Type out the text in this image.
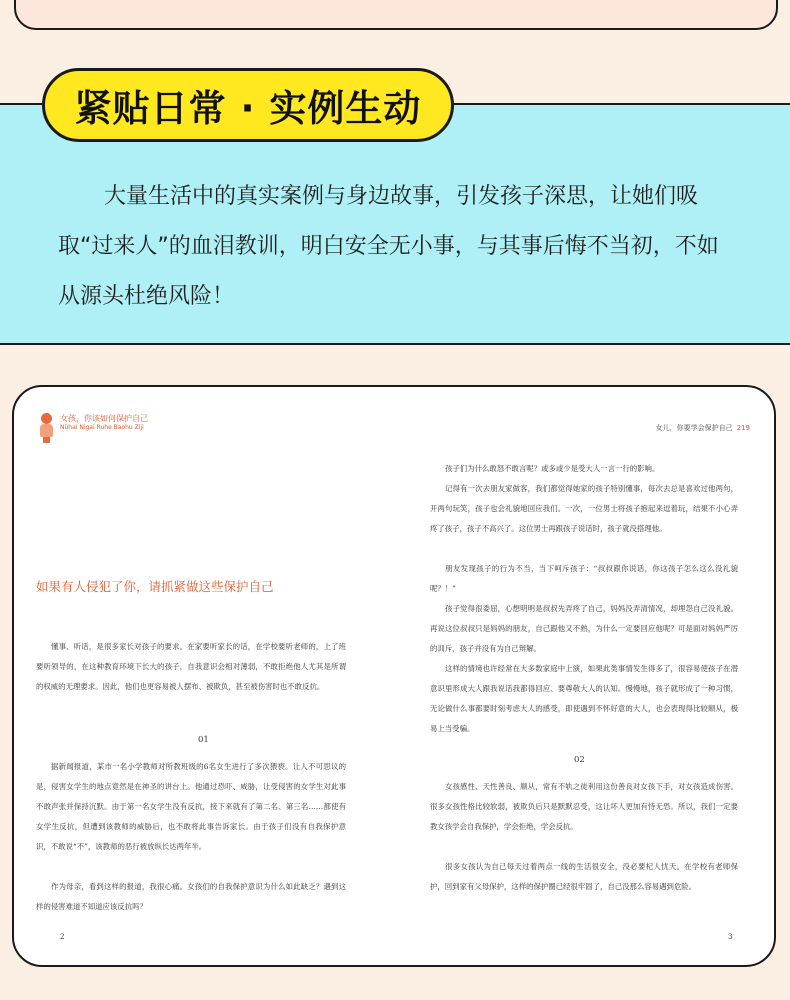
紧贴日常 · 实例生动
大量生活中的真实案例与身边故事，引发孩子深思，让她们吸取“过来人”的血泪教训，明白安全无小事，与其事后悔不当初，不如从源头杜绝风险！
女孩，你该如何保护自己
Nühai Nigai Ruhe Baohu Ziji
如果有人侵犯了你，请抓紧做这些保护自己
懂事、听话，是很多家长对孩子的要求。在家要听家长的话，在学校要听老师的，上了班要听领导的，在这种教育环境下长大的孩子，自我意识会相对薄弱，不敢拒绝他人尤其是所谓的权威的无理要求。因此，他们也更容易被人摆布、被欺负，甚至被伤害时也不敢反抗。
01
据新闻报道，某市一名小学教师对所教班级的6名女生进行了多次猥亵。让人不可思议的是，侵害女学生的地点竟然是在神圣的讲台上。他通过恐吓、威胁，让受侵害的女学生对此事不敢声张并保持沉默。由于第一名女学生没有反抗，接下来就有了第二名、第三名……都使有女学生反抗，但遭到该教师的威胁后，也不敢将此事告诉家长。由于孩子们没有自我保护意识，不敢说“不”，该教师的恶行被放纵长达两年半。
作为母亲，看到这样的报道，我很心痛。女孩们的自我保护意识为什么如此缺乏？遇到这样的侵害难道不知道应该反抗吗？
2
女儿，你要学会保护自己 219
孩子们为什么敢怒不敢言呢？或多或少是受大人一言一行的影响。
记得有一次去朋友家做客，我们都觉得她家的孩子特别懂事，每次去总是喜欢过他两句，开两句玩笑，孩子也会礼貌地回应我们。一次，一位男士将孩子抱起来逗着玩，结果不小心弄疼了孩子，孩子不高兴了。这位男士再跟孩子说话时，孩子就没搭理他。
朋友发现孩子的行为不当，当下呵斥孩子：“叔叔跟你说话，你这孩子怎么这么没礼貌呢？！”
孩子觉得很委屈，心想明明是叔叔先弄疼了自己，妈妈没弄清情况，却埋怨自己没礼貌。再说这位叔叔只是妈妈的朋友，自己跟他又不熟，为什么一定要回应他呢？可是面对妈妈严厉的训斥，孩子并没有为自己辩解。
这样的情境也许经常在大多数家庭中上演，如果此类事情发生得多了，很容易使孩子在潜意识里形成大人跟我说话我都得回应、要尊敬大人的认知。慢慢地，孩子就形成了一种习惯，无论做什么事都要时刻考虑大人的感受，即使遇到不怀好意的大人，也会表现得比较顺从，极易上当受骗。
02
女孩感性、天性善良、顺从，常有不轨之徒利用这份善良对女孩下手，对女孩造成伤害。很多女孩性格比较软弱，被欺负后只是默默忍受，这让坏人更加有恃无恐。所以，我们一定要教女孩学会自我保护，学会拒绝，学会反抗。
很多女孩认为自己每天过着两点一线的生活很安全，没必要杞人忧天。在学校有老师保护，回到家有父母保护，这样的保护圈已经很牢固了，自己没那么容易遇到危险。
3
